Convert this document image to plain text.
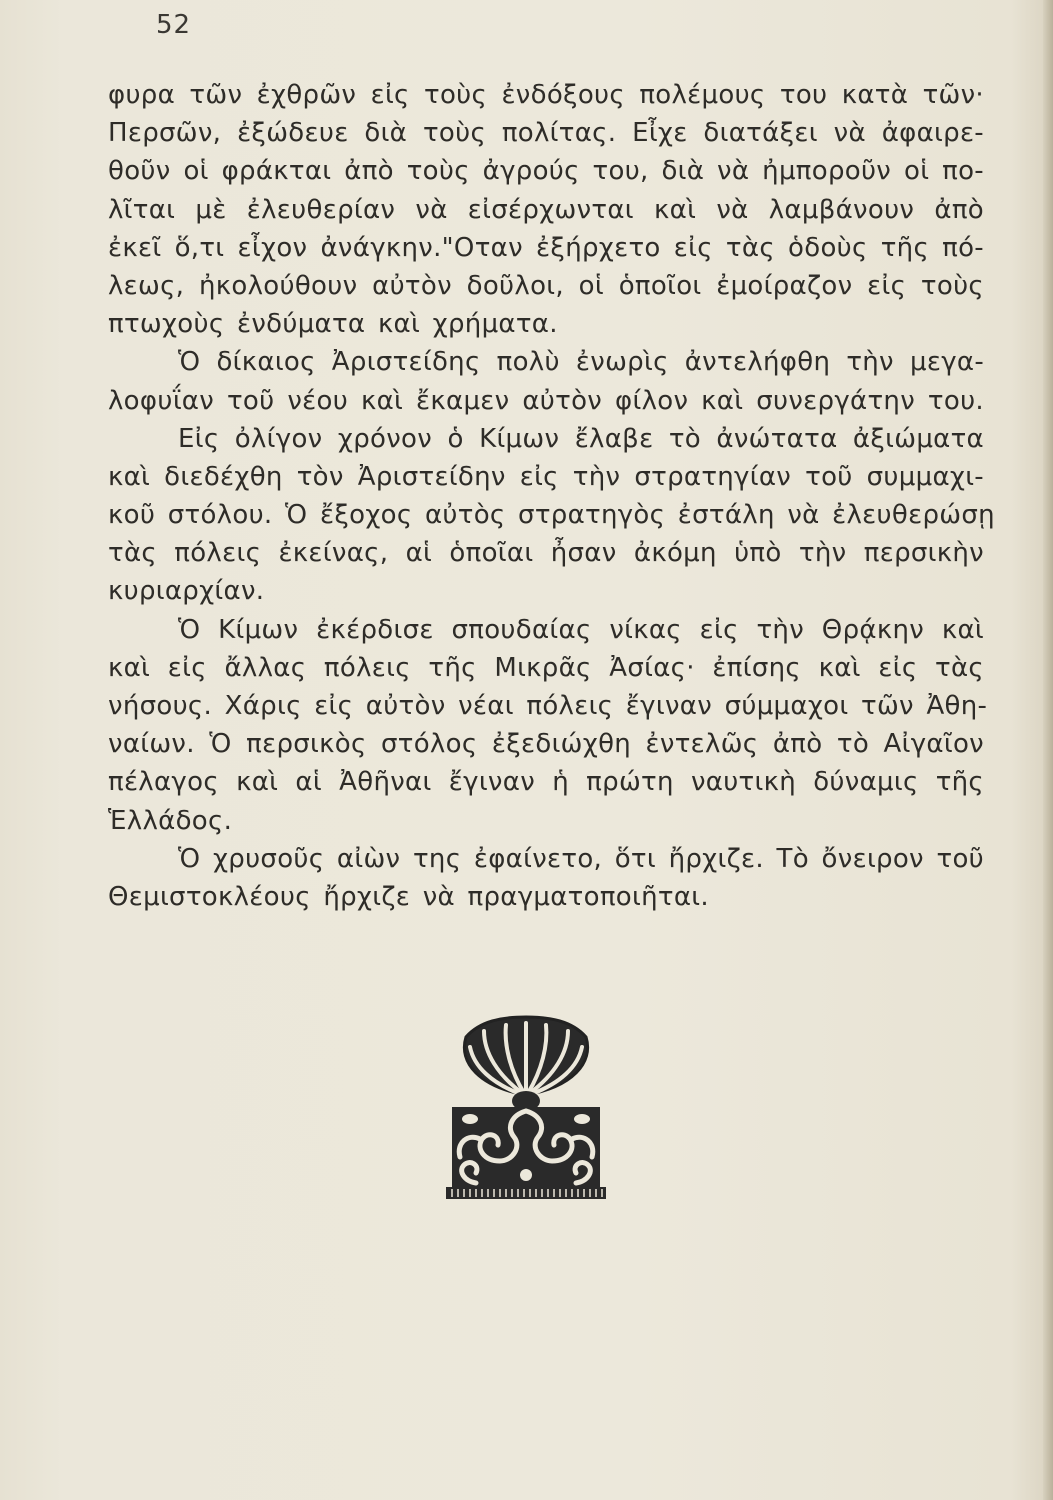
52
φυρα τῶν ἐχθρῶν εἰς τοὺς ἐνδόξους πολέμους του κατὰ τῶν·
Περσῶν, ἐξώδευε διὰ τοὺς πολίτας. Εἶχε διατάξει νὰ ἀφαιρε-
θοῦν οἱ φράκται ἀπὸ τοὺς ἀγρούς του, διὰ νὰ ἠμποροῦν οἱ πο-
λῖται μὲ ἐλευθερίαν νὰ εἰσέρχωνται καὶ νὰ λαμβάνουν ἀπὸ
ἐκεῖ ὅ,τι εἶχον ἀνάγκην."Οταν ἐξήρχετο εἰς τὰς ὁδοὺς τῆς πό-
λεως, ἠκολούθουν αὐτὸν δοῦλοι, οἱ ὁποῖοι ἐμοίραζον εἰς τοὺς
πτωχοὺς ἐνδύματα καὶ χρήματα.
Ὁ δίκαιος Ἀριστείδης πολὺ ἐνωρὶς ἀντελήφθη τὴν μεγα-
λοφυΐαν τοῦ νέου καὶ ἔκαμεν αὐτὸν φίλον καὶ συνεργάτην του.
Εἰς ὀλίγον χρόνον ὁ Κίμων ἔλαβε τὸ ἀνώτατα ἀξιώματα
καὶ διεδέχθη τὸν Ἀριστείδην εἰς τὴν στρατηγίαν τοῦ συμμαχι-
κοῦ στόλου. Ὁ ἔξοχος αὐτὸς στρατηγὸς ἐστάλη νὰ ἐλευθερώσῃ
τὰς πόλεις ἐκείνας, αἱ ὁποῖαι ἦσαν ἀκόμη ὑπὸ τὴν περσικὴν
κυριαρχίαν.
Ὁ Κίμων ἐκέρδισε σπουδαίας νίκας εἰς τὴν Θρᾴκην καὶ
καὶ εἰς ἄλλας πόλεις τῆς Μικρᾶς Ἀσίας· ἐπίσης καὶ εἰς τὰς
νήσους. Χάρις εἰς αὐτὸν νέαι πόλεις ἔγιναν σύμμαχοι τῶν Ἀθη-
ναίων. Ὁ περσικὸς στόλος ἐξεδιώχθη ἐντελῶς ἀπὸ τὸ Αἰγαῖον
πέλαγος καὶ αἱ Ἀθῆναι ἔγιναν ἡ πρώτη ναυτικὴ δύναμις τῆς
Ἑλλάδος.
Ὁ χρυσοῦς αἰὼν της ἐφαίνετο, ὅτι ἤρχιζε. Τὸ ὄνειρον τοῦ
Θεμιστοκλέους ἤρχιζε νὰ πραγματοποιῆται.
